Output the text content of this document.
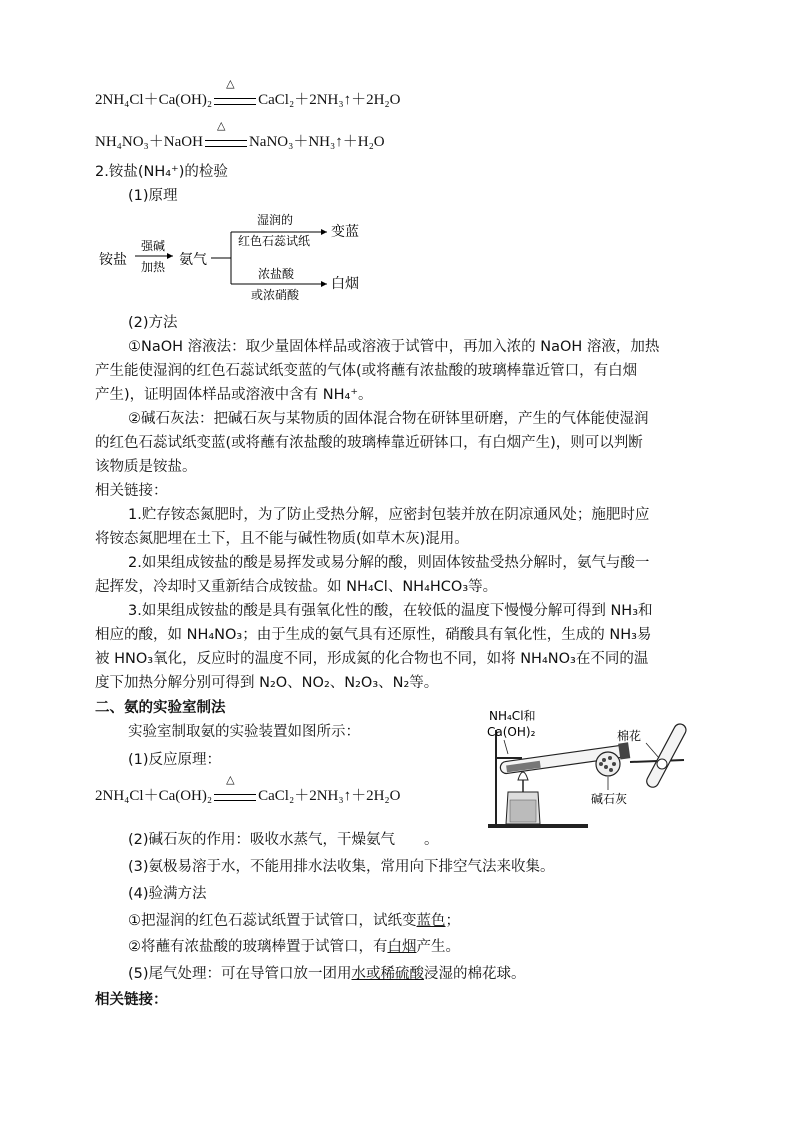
2NH₄Cl＋Ca(OH)₂
△
CaCl₂＋2NH₃↑＋2H₂O
NH₄NO₃＋NaOH
△
NaNO₃＋NH₃↑＋H₂O
2.铵盐(NH₄⁺)的检验
(1)原理
铵盐
强碱
加热 氨气
湿润的
红色石蕊试纸
变蓝
浓盐酸
或浓硝酸
白烟
(2)方法
①NaOH 溶液法：取少量固体样品或溶液于试管中，再加入浓的 NaOH 溶液，加热
产生能使湿润的红色石蕊试纸变蓝的气体(或将蘸有浓盐酸的玻璃棒靠近管口，有白烟
产生)，证明固体样品或溶液中含有 NH₄⁺。
②碱石灰法：把碱石灰与某物质的固体混合物在研钵里研磨，产生的气体能使湿润
的红色石蕊试纸变蓝(或将蘸有浓盐酸的玻璃棒靠近研钵口，有白烟产生)，则可以判断
该物质是铵盐。
相关链接：
1.贮存铵态氮肥时，为了防止受热分解，应密封包装并放在阴凉通风处；施肥时应
将铵态氮肥埋在土下，且不能与碱性物质(如草木灰)混用。
2.如果组成铵盐的酸是易挥发或易分解的酸，则固体铵盐受热分解时，氨气与酸一
起挥发，冷却时又重新结合成铵盐。如 NH₄Cl、NH₄HCO₃等。
3.如果组成铵盐的酸是具有强氧化性的酸，在较低的温度下慢慢分解可得到 NH₃和
相应的酸，如 NH₄NO₃；由于生成的氨气具有还原性，硝酸具有氧化性，生成的 NH₃易
被 HNO₃氧化，反应时的温度不同，形成氮的化合物也不同，如将 NH₄NO₃在不同的温
度下加热分解分别可得到 N₂O、NO₂、N₂O₃、N₂等。
二、氨的实验室制法
实验室制取氨的实验装置如图所示：
(1)反应原理：
2NH₄Cl＋Ca(OH)₂
△
CaCl₂＋2NH₃↑＋2H₂O
NH₄Cl和
Ca(OH)₂	棉花
碱石灰
(2)碱石灰的作用：吸收水蒸气，干燥氨气　　。
(3)氨极易溶于水，不能用排水法收集，常用向下排空气法来收集。
(4)验满方法
①把湿润的红色石蕊试纸置于试管口，试纸变蓝色；
②将蘸有浓盐酸的玻璃棒置于试管口，有白烟产生。
(5)尾气处理：可在导管口放一团用水或稀硫酸浸湿的棉花球。
相关链接：
